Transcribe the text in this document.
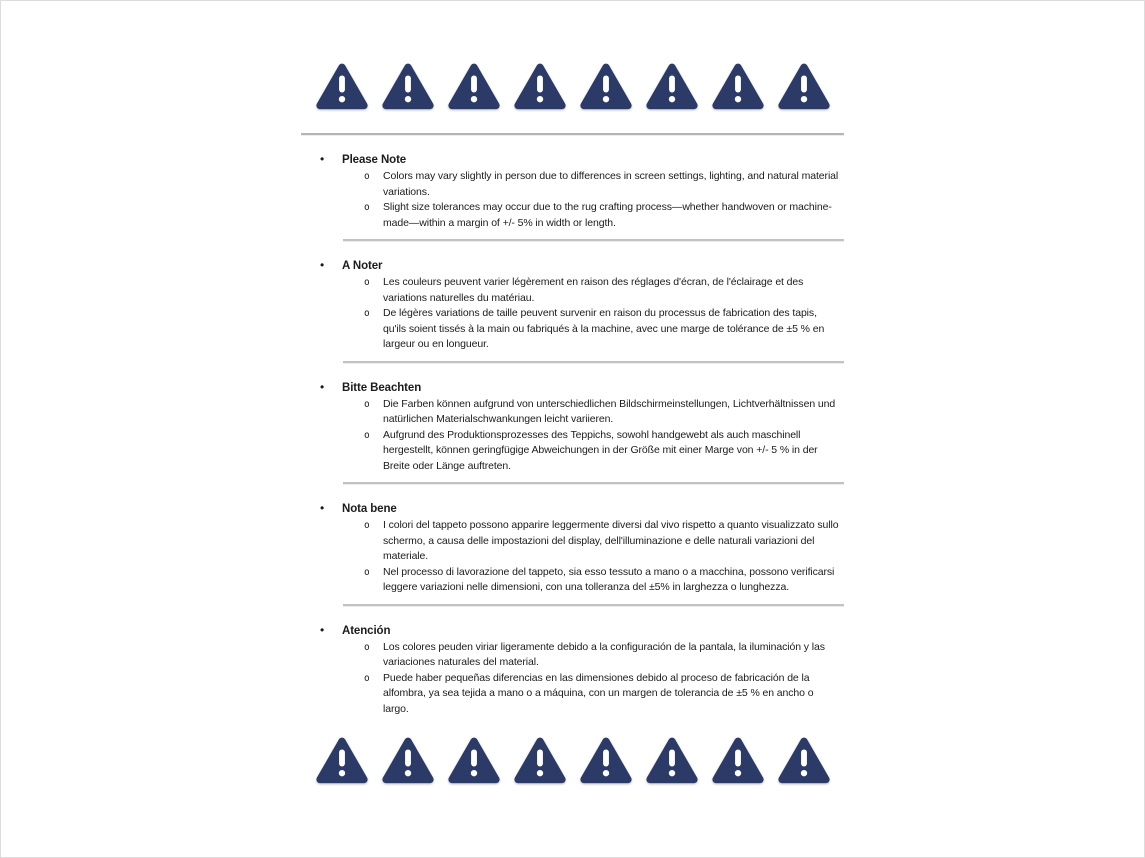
•
Please Note
o
Colors may vary slightly in person due to differences in screen settings, lighting, and natural material variations.
o
Slight size tolerances may occur due to the rug crafting process—whether handwoven or machine-made—within a margin of +/- 5% in width or length.
•
A Noter
o
Les couleurs peuvent varier légèrement en raison des réglages d'écran, de l'éclairage et des variations naturelles du matériau.
o
De légères variations de taille peuvent survenir en raison du processus de fabrication des tapis, qu'ils soient tissés à la main ou fabriqués à la machine, avec une marge de tolérance de ±5 % en largeur ou en longueur.
•
Bitte Beachten
o
Die Farben können aufgrund von unterschiedlichen Bildschirmeinstellungen, Lichtverhältnissen und natürlichen Materialschwankungen leicht variieren.
o
Aufgrund des Produktionsprozesses des Teppichs, sowohl handgewebt als auch maschinell hergestellt, können geringfügige Abweichungen in der Größe mit einer Marge von +/- 5 % in der Breite oder Länge auftreten.
•
Nota bene
o
I colori del tappeto possono apparire leggermente diversi dal vivo rispetto a quanto visualizzato sullo schermo, a causa delle impostazioni del display, dell'illuminazione e delle naturali variazioni del materiale.
o
Nel processo di lavorazione del tappeto, sia esso tessuto a mano o a macchina, possono verificarsi leggere variazioni nelle dimensioni, con una tolleranza del ±5% in larghezza o lunghezza.
•
Atención
o
Los colores peuden viriar ligeramente debido a la configuración de la pantala, la iluminación y las variaciones naturales del material.
o
Puede haber pequeñas diferencias en las dimensiones debido al proceso de fabricación de la alfombra, ya sea tejida a mano o a máquina, con un margen de tolerancia de ±5 % en ancho o largo.
